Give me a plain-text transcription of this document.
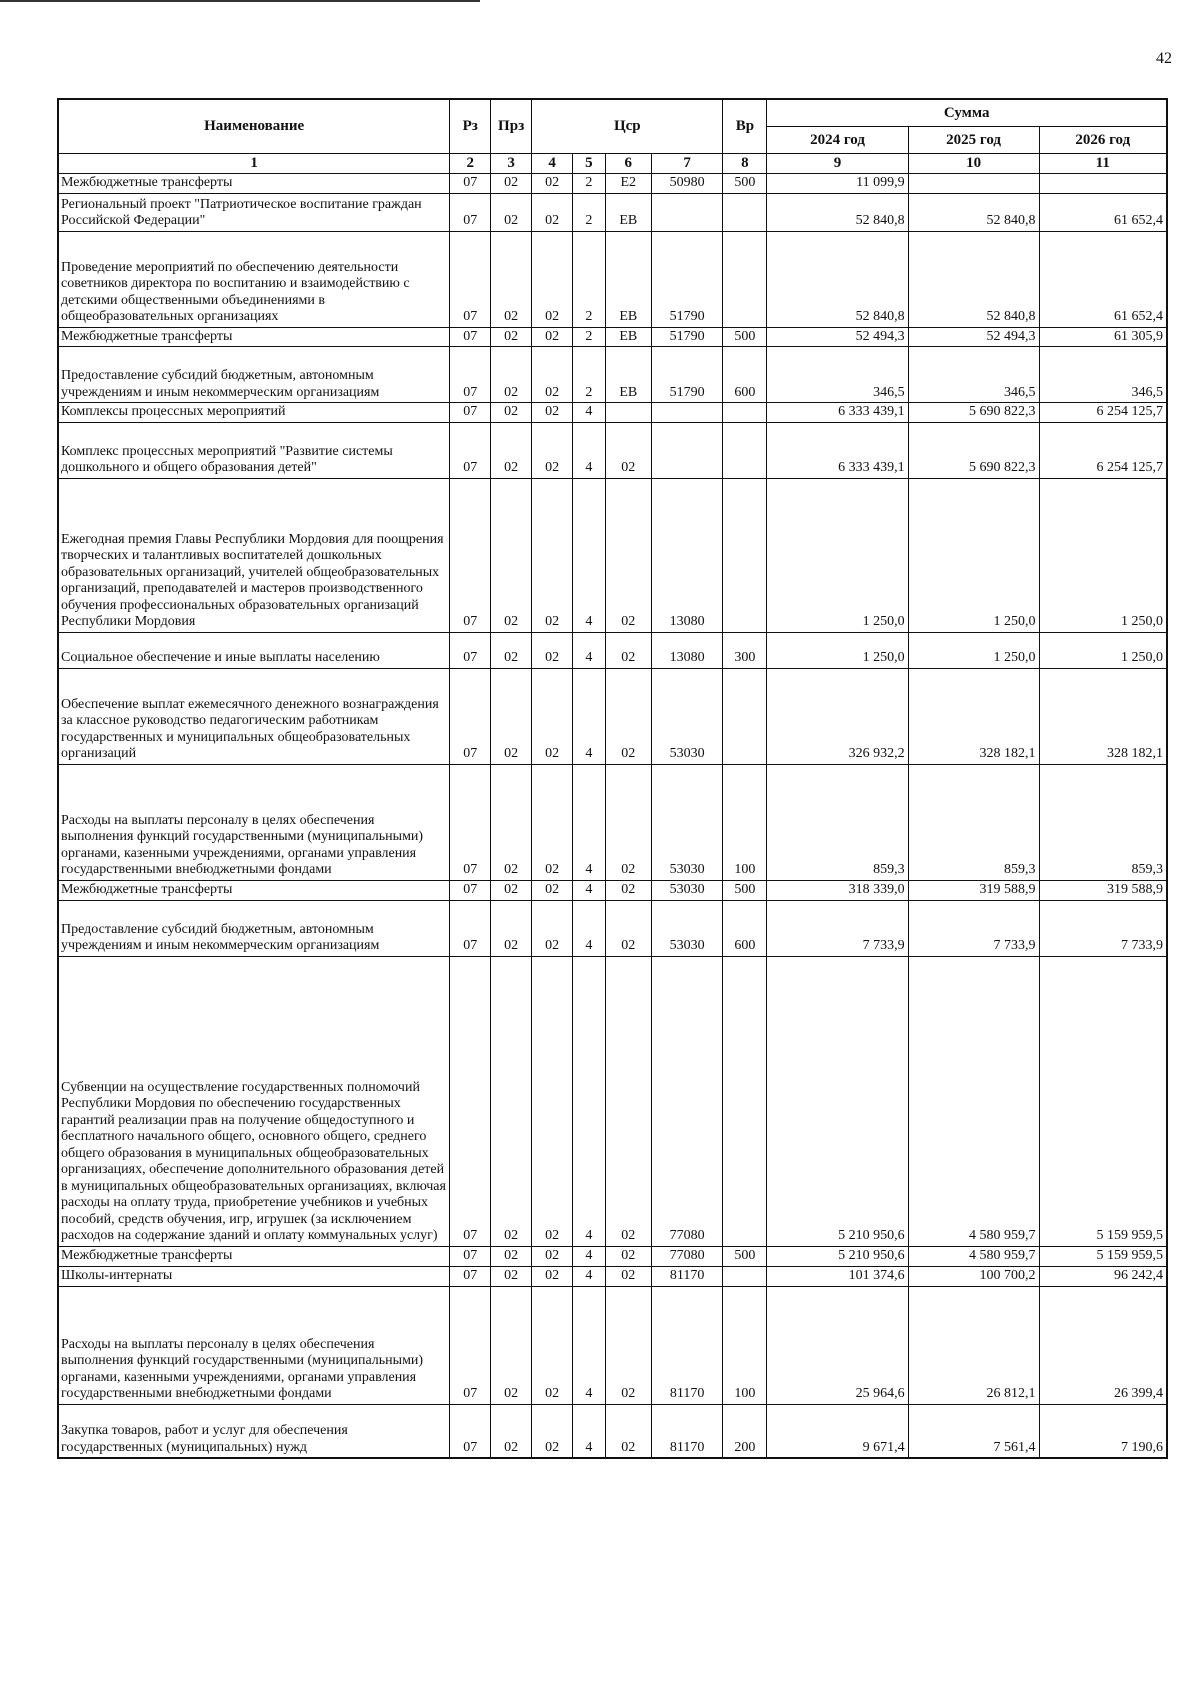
42
Наименование	Рз	Прз	Цср				Вр	Сумма		
								2024 год	2025 год	2026 год
1	2	3	4	5	6	7	8	9	10	11
Межбюджетные трансферты	07	02	02	2	Е2	50980	500	11 099,9		
Региональный проект "Патриотическое воспитание граждан Российской Федерации"	07	02	02	2	ЕВ			52 840,8	52 840,8	61 652,4
Проведение мероприятий по обеспечению деятельности советников директора по воспитанию и взаимодействию с детскими общественными объединениями в общеобразовательных организациях	07	02	02	2	ЕВ	51790		52 840,8	52 840,8	61 652,4
Межбюджетные трансферты	07	02	02	2	ЕВ	51790	500	52 494,3	52 494,3	61 305,9
Предоставление субсидий бюджетным, автономным учреждениям и иным некоммерческим организациям	07	02	02	2	ЕВ	51790	600	346,5	346,5	346,5
Комплексы процессных мероприятий	07	02	02	4				6 333 439,1	5 690 822,3	6 254 125,7
Комплекс процессных мероприятий "Развитие системы дошкольного и общего образования детей"	07	02	02	4	02			6 333 439,1	5 690 822,3	6 254 125,7
Ежегодная премия Главы Республики Мордовия для поощрения творческих и талантливых воспитателей дошкольных образовательных организаций, учителей общеобразовательных организаций, преподавателей и мастеров производственного обучения профессиональных образовательных организаций Республики Мордовия	07	02	02	4	02	13080		1 250,0	1 250,0	1 250,0
Социальное обеспечение и иные выплаты населению	07	02	02	4	02	13080	300	1 250,0	1 250,0	1 250,0
Обеспечение выплат ежемесячного денежного вознаграждения за классное руководство педагогическим работникам государственных и муниципальных общеобразовательных организаций	07	02	02	4	02	53030		326 932,2	328 182,1	328 182,1
Расходы на выплаты персоналу в целях обеспечения выполнения функций государственными (муниципальными) органами, казенными учреждениями, органами управления государственными внебюджетными фондами	07	02	02	4	02	53030	100	859,3	859,3	859,3
Межбюджетные трансферты	07	02	02	4	02	53030	500	318 339,0	319 588,9	319 588,9
Предоставление субсидий бюджетным, автономным учреждениям и иным некоммерческим организациям	07	02	02	4	02	53030	600	7 733,9	7 733,9	7 733,9
Субвенции на осуществление государственных полномочий Республики Мордовия по обеспечению государственных гарантий реализации прав на получение общедоступного и бесплатного начального общего, основного общего, среднего общего образования в муниципальных общеобразовательных организациях, обеспечение дополнительного образования детей в муниципальных общеобразовательных организациях, включая расходы на оплату труда, приобретение учебников и учебных пособий, средств обучения, игр, игрушек (за исключением расходов на содержание зданий и оплату коммунальных услуг)	07	02	02	4	02	77080		5 210 950,6	4 580 959,7	5 159 959,5
Межбюджетные трансферты	07	02	02	4	02	77080	500	5 210 950,6	4 580 959,7	5 159 959,5
Школы-интернаты	07	02	02	4	02	81170		101 374,6	100 700,2	96 242,4
Расходы на выплаты персоналу в целях обеспечения выполнения функций государственными (муниципальными) органами, казенными учреждениями, органами управления государственными внебюджетными фондами	07	02	02	4	02	81170	100	25 964,6	26 812,1	26 399,4
Закупка товаров, работ и услуг для обеспечения государственных (муниципальных) нужд	07	02	02	4	02	81170	200	9 671,4	7 561,4	7 190,6
